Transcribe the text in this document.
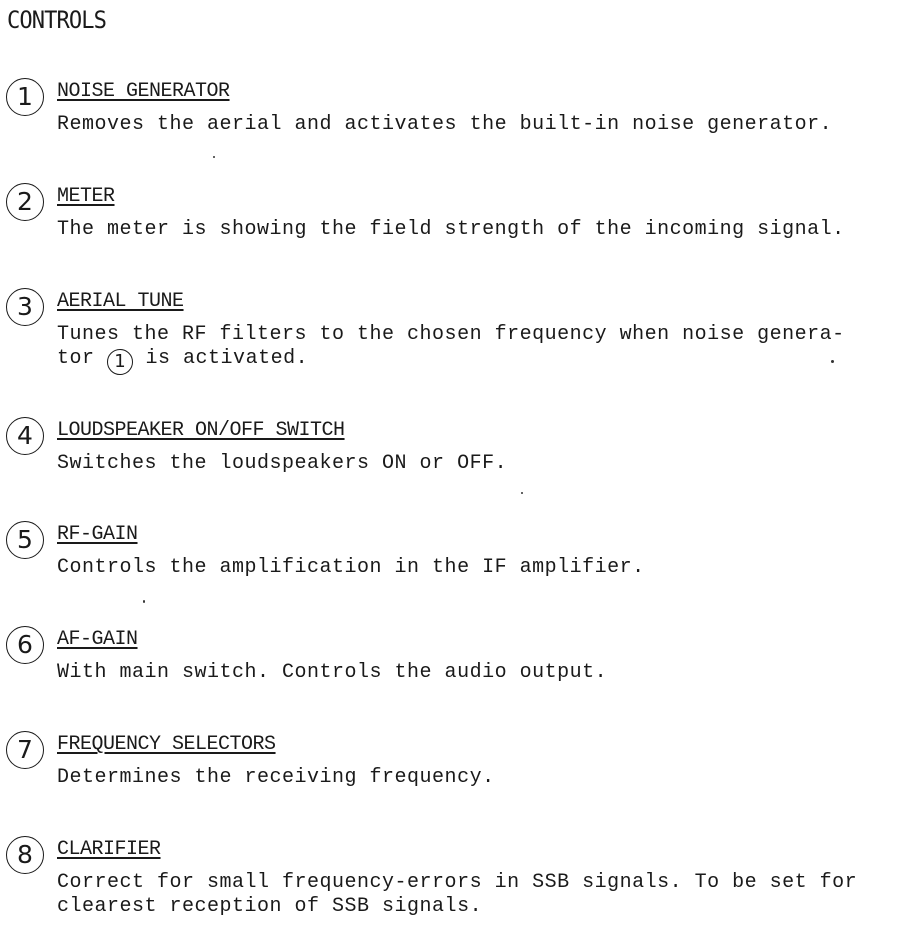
CONTROLS
1	NOISE GENERATOR
Removes the aerial and activates the built-in noise generator.
2	METER
The meter is showing the field strength of the incoming signal.
3	AERIAL TUNE
Tunes the RF filters to the chosen frequency when noise genera-
tor 1 is activated.
4	LOUDSPEAKER ON/OFF SWITCH
Switches the loudspeakers ON or OFF.
5	RF-GAIN
Controls the amplification in the IF amplifier.
6	AF-GAIN
With main switch. Controls the audio output.
7	FREQUENCY SELECTORS
Determines the receiving frequency.
8	CLARIFIER
Correct for small frequency-errors in SSB signals. To be set for
clearest reception of SSB signals.
